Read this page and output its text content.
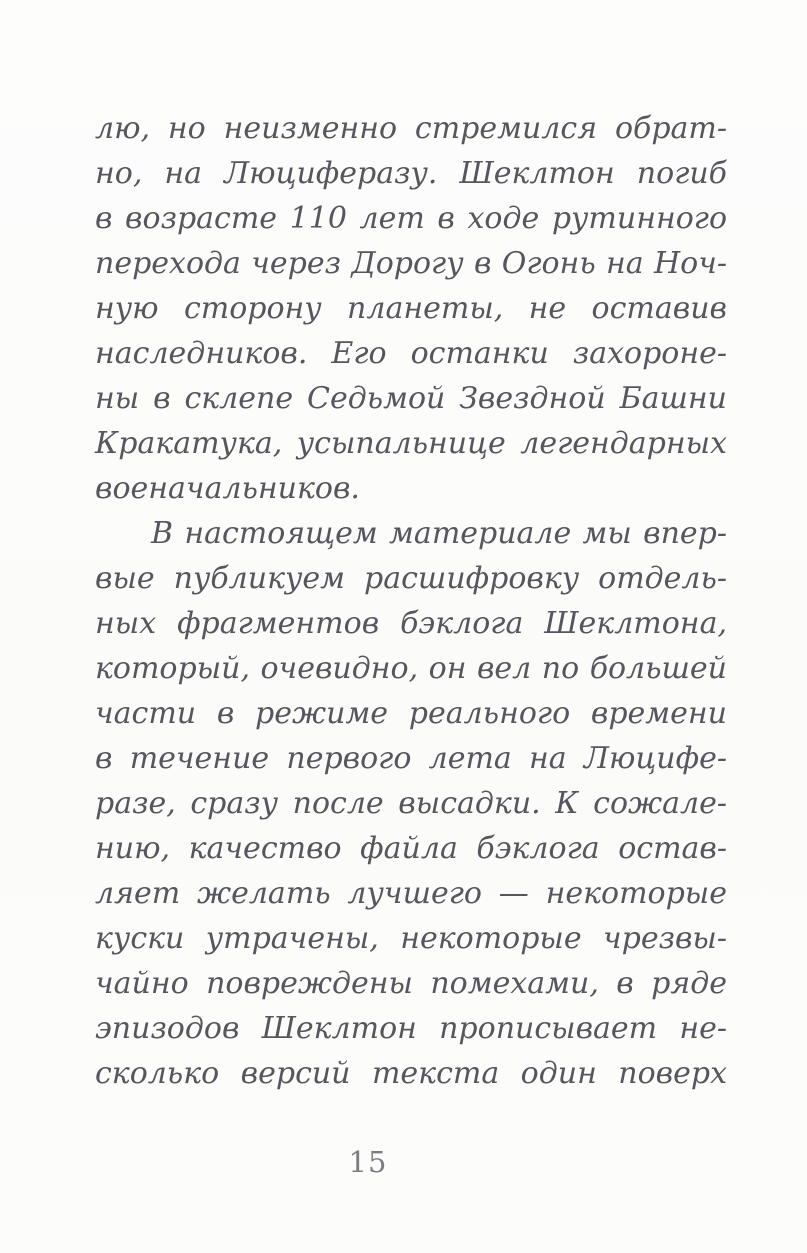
лю, но неизменно стремился обрат-
но, на Люциферазу. Шеклтон погиб
в возрасте 110 лет в ходе рутинного
перехода через Дорогу в Огонь на Ноч-
ную сторону планеты, не оставив
наследников. Его останки захороне-
ны в склепе Седьмой Звездной Башни
Кракатука, усыпальнице легендарных
военачальников.
В настоящем материале мы впер-
вые публикуем расшифровку отдель-
ных фрагментов бэклога Шеклтона,
который, очевидно, он вел по большей
части в режиме реального времени
в течение первого лета на Люцифе-
разе, сразу после высадки. К сожале-
нию, качество файла бэклога остав-
ляет желать лучшего — некоторые
куски утрачены, некоторые чрезвы-
чайно повреждены помехами, в ряде
эпизодов Шеклтон прописывает не-
сколько версий текста один поверх
15
